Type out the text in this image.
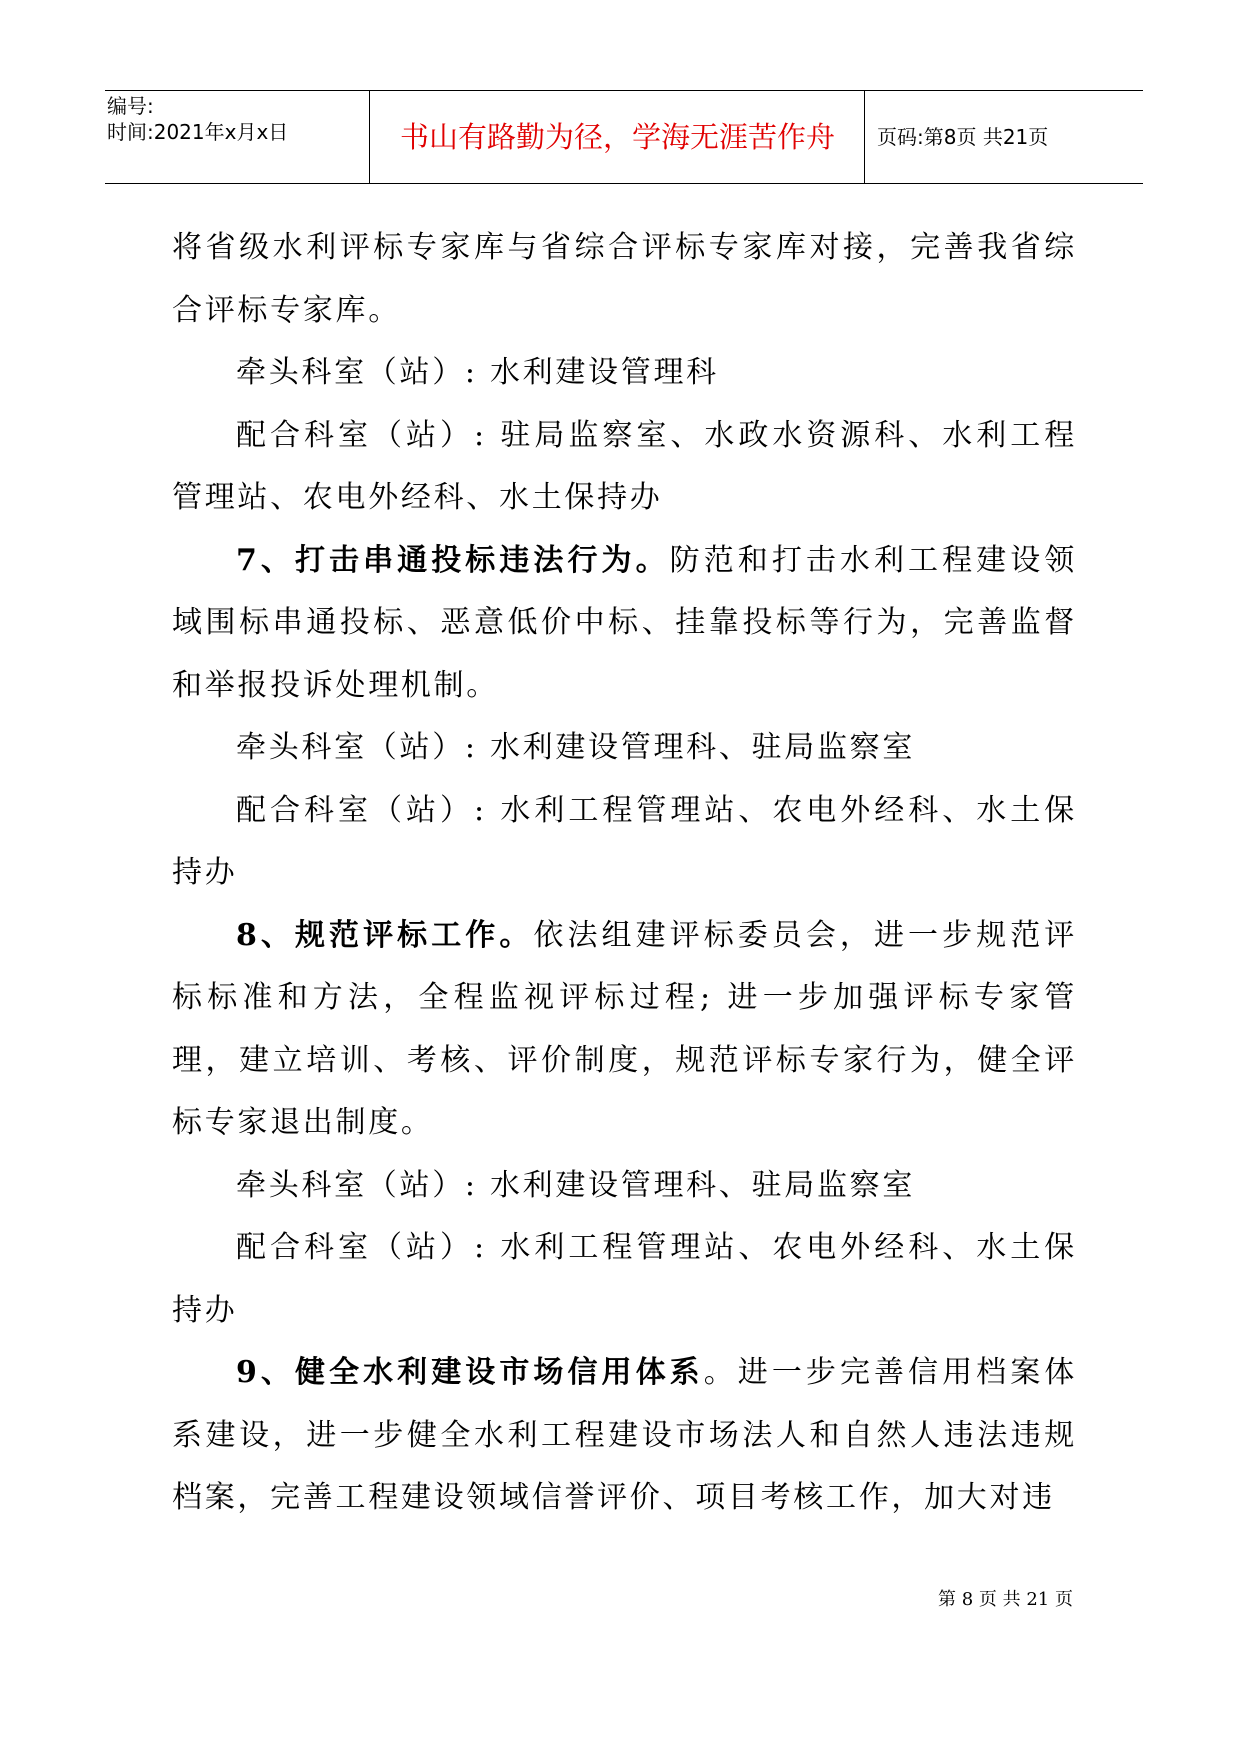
编号:
时间:2021年x月x日	书山有路勤为径，学海无涯苦作舟	页码:第8页 共21页

将省级水利评标专家库与省综合评标专家库对接，完善我省综合评标专家库。

牵头科室（站）: 水利建设管理科

配合科室（站）: 驻局监察室、水政水资源科、水利工程管理站、农电外经科、水土保持办

7、打击串通投标违法行为。防范和打击水利工程建设领域围标串通投标、恶意低价中标、挂靠投标等行为，完善监督和举报投诉处理机制。

牵头科室（站）: 水利建设管理科、驻局监察室

配合科室（站）: 水利工程管理站、农电外经科、水土保持办

8、规范评标工作。依法组建评标委员会，进一步规范评标标准和方法，全程监视评标过程; 进一步加强评标专家管理，建立培训、考核、评价制度，规范评标专家行为，健全评标专家退出制度。

牵头科室（站）: 水利建设管理科、驻局监察室

配合科室（站）: 水利工程管理站、农电外经科、水土保持办

9、健全水利建设市场信用体系。进一步完善信用档案体系建设，进一步健全水利工程建设市场法人和自然人违法违规档案，完善工程建设领域信誉评价、项目考核工作，加大对违

第 8 页 共 21 页
